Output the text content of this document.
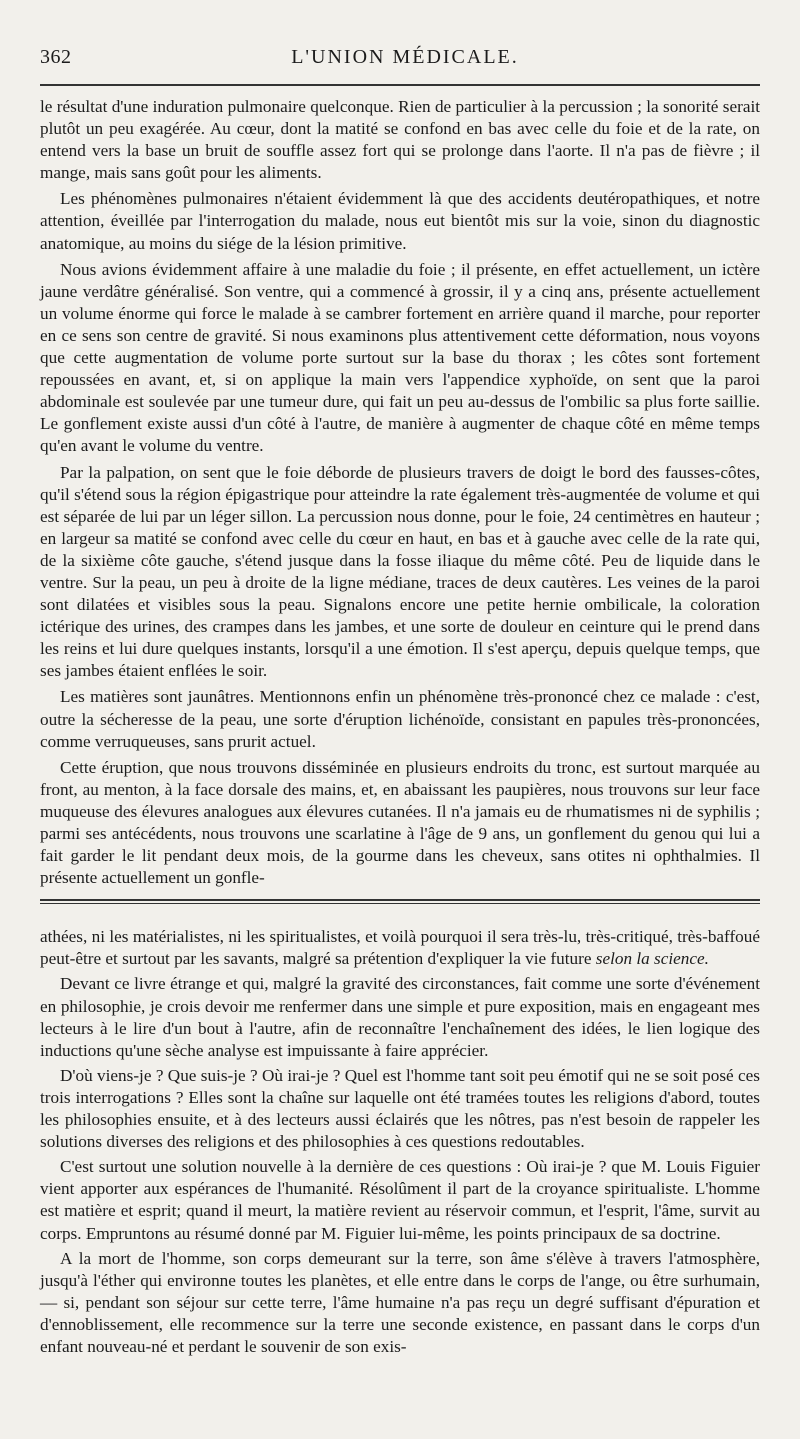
362	L'UNION MÉDICALE.

le résultat d'une induration pulmonaire quelconque. Rien de particulier à la percussion ; la sonorité serait plutôt un peu exagérée. Au cœur, dont la matité se confond en bas avec celle du foie et de la rate, on entend vers la base un bruit de souffle assez fort qui se prolonge dans l'aorte. Il n'a pas de fièvre ; il mange, mais sans goût pour les aliments.

Les phénomènes pulmonaires n'étaient évidemment là que des accidents deutéropathiques, et notre attention, éveillée par l'interrogation du malade, nous eut bientôt mis sur la voie, sinon du diagnostic anatomique, au moins du siége de la lésion primitive.

Nous avions évidemment affaire à une maladie du foie ; il présente, en effet actuellement, un ictère jaune verdâtre généralisé. Son ventre, qui a commencé à grossir, il y a cinq ans, présente actuellement un volume énorme qui force le malade à se cambrer fortement en arrière quand il marche, pour reporter en ce sens son centre de gravité. Si nous examinons plus attentivement cette déformation, nous voyons que cette augmentation de volume porte surtout sur la base du thorax ; les côtes sont fortement repoussées en avant, et, si on applique la main vers l'appendice xyphoïde, on sent que la paroi abdominale est soulevée par une tumeur dure, qui fait un peu au-dessus de l'ombilic sa plus forte saillie. Le gonflement existe aussi d'un côté à l'autre, de manière à augmenter de chaque côté en même temps qu'en avant le volume du ventre.

Par la palpation, on sent que le foie déborde de plusieurs travers de doigt le bord des fausses-côtes, qu'il s'étend sous la région épigastrique pour atteindre la rate également très-augmentée de volume et qui est séparée de lui par un léger sillon. La percussion nous donne, pour le foie, 24 centimètres en hauteur ; en largeur sa matité se confond avec celle du cœur en haut, en bas et à gauche avec celle de la rate qui, de la sixième côte gauche, s'étend jusque dans la fosse iliaque du même côté. Peu de liquide dans le ventre. Sur la peau, un peu à droite de la ligne médiane, traces de deux cautères. Les veines de la paroi sont dilatées et visibles sous la peau. Signalons encore une petite hernie ombilicale, la coloration ictérique des urines, des crampes dans les jambes, et une sorte de douleur en ceinture qui le prend dans les reins et lui dure quelques instants, lorsqu'il a une émotion. Il s'est aperçu, depuis quelque temps, que ses jambes étaient enflées le soir.

Les matières sont jaunâtres. Mentionnons enfin un phénomène très-prononcé chez ce malade : c'est, outre la sécheresse de la peau, une sorte d'éruption lichénoïde, consistant en papules très-prononcées, comme verruqueuses, sans prurit actuel.

Cette éruption, que nous trouvons disséminée en plusieurs endroits du tronc, est surtout marquée au front, au menton, à la face dorsale des mains, et, en abaissant les paupières, nous trouvons sur leur face muqueuse des élevures analogues aux élevures cutanées. Il n'a jamais eu de rhumatismes ni de syphilis ; parmi ses antécédents, nous trouvons une scarlatine à l'âge de 9 ans, un gonflement du genou qui lui a fait garder le lit pendant deux mois, de la gourme dans les cheveux, sans otites ni ophthalmies. Il présente actuellement un gonfle-

athées, ni les matérialistes, ni les spiritualistes, et voilà pourquoi il sera très-lu, très-critiqué, très-baffoué peut-être et surtout par les savants, malgré sa prétention d'expliquer la vie future selon la science.

Devant ce livre étrange et qui, malgré la gravité des circonstances, fait comme une sorte d'événement en philosophie, je crois devoir me renfermer dans une simple et pure exposition, mais en engageant mes lecteurs à le lire d'un bout à l'autre, afin de reconnaître l'enchaînement des idées, le lien logique des inductions qu'une sèche analyse est impuissante à faire apprécier.

D'où viens-je ? Que suis-je ? Où irai-je ? Quel est l'homme tant soit peu émotif qui ne se soit posé ces trois interrogations ? Elles sont la chaîne sur laquelle ont été tramées toutes les religions d'abord, toutes les philosophies ensuite, et à des lecteurs aussi éclairés que les nôtres, pas n'est besoin de rappeler les solutions diverses des religions et des philosophies à ces questions redoutables.

C'est surtout une solution nouvelle à la dernière de ces questions : Où irai-je ? que M. Louis Figuier vient apporter aux espérances de l'humanité. Résolûment il part de la croyance spiritualiste. L'homme est matière et esprit; quand il meurt, la matière revient au réservoir commun, et l'esprit, l'âme, survit au corps. Empruntons au résumé donné par M. Figuier lui-même, les points principaux de sa doctrine.

A la mort de l'homme, son corps demeurant sur la terre, son âme s'élève à travers l'atmosphère, jusqu'à l'éther qui environne toutes les planètes, et elle entre dans le corps de l'ange, ou être surhumain, — si, pendant son séjour sur cette terre, l'âme humaine n'a pas reçu un degré suffisant d'épuration et d'ennoblissement, elle recommence sur la terre une seconde existence, en passant dans le corps d'un enfant nouveau-né et perdant le souvenir de son exis-
